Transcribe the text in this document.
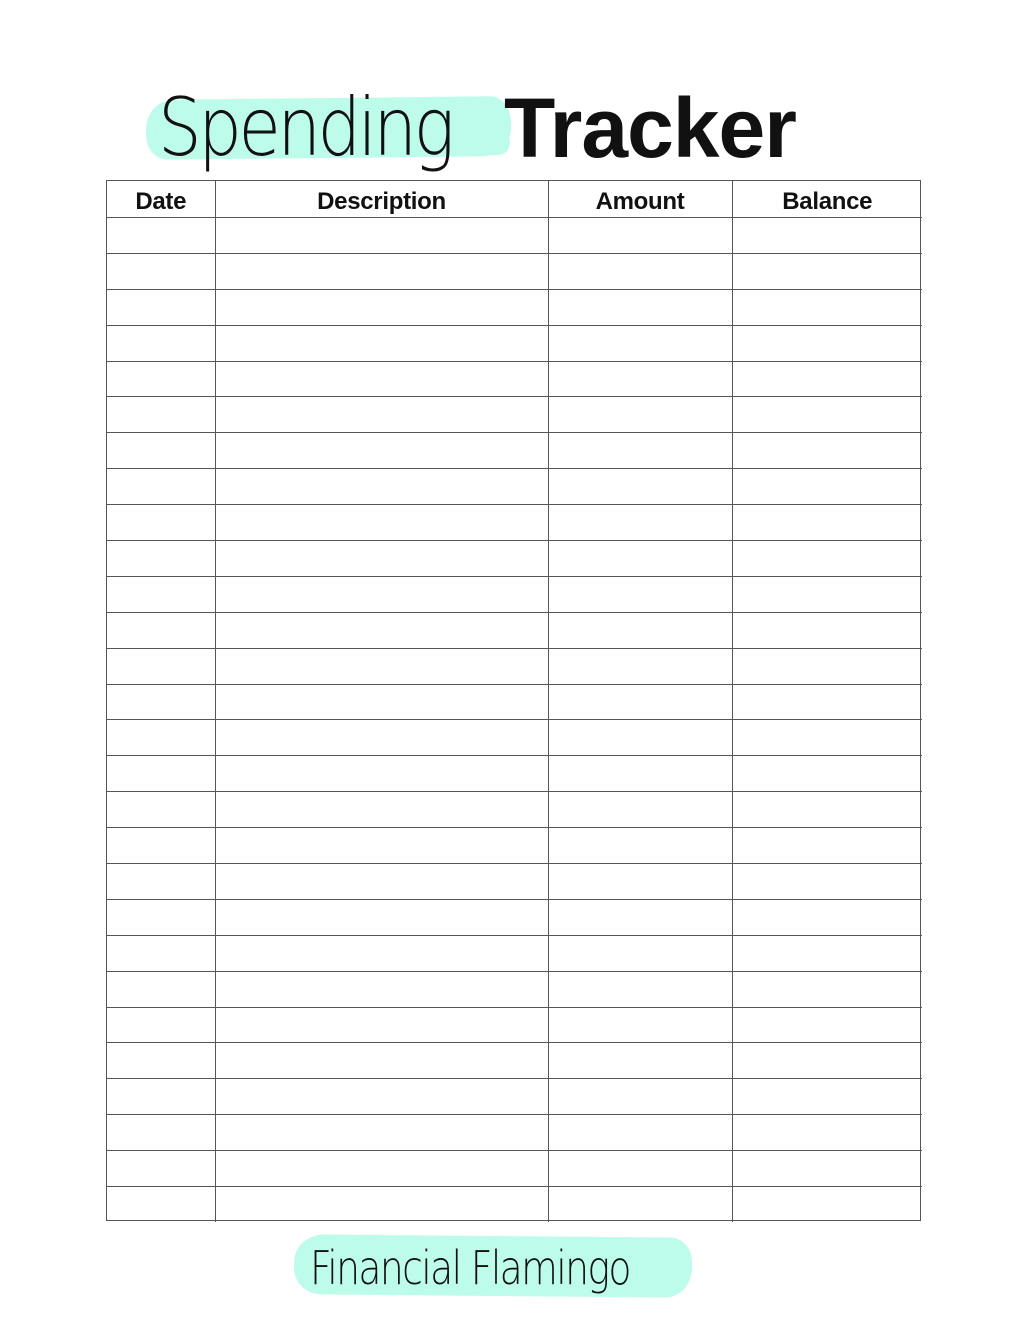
Spending Tracker
Date	Description	Amount	Balance

Financial Flamingo
